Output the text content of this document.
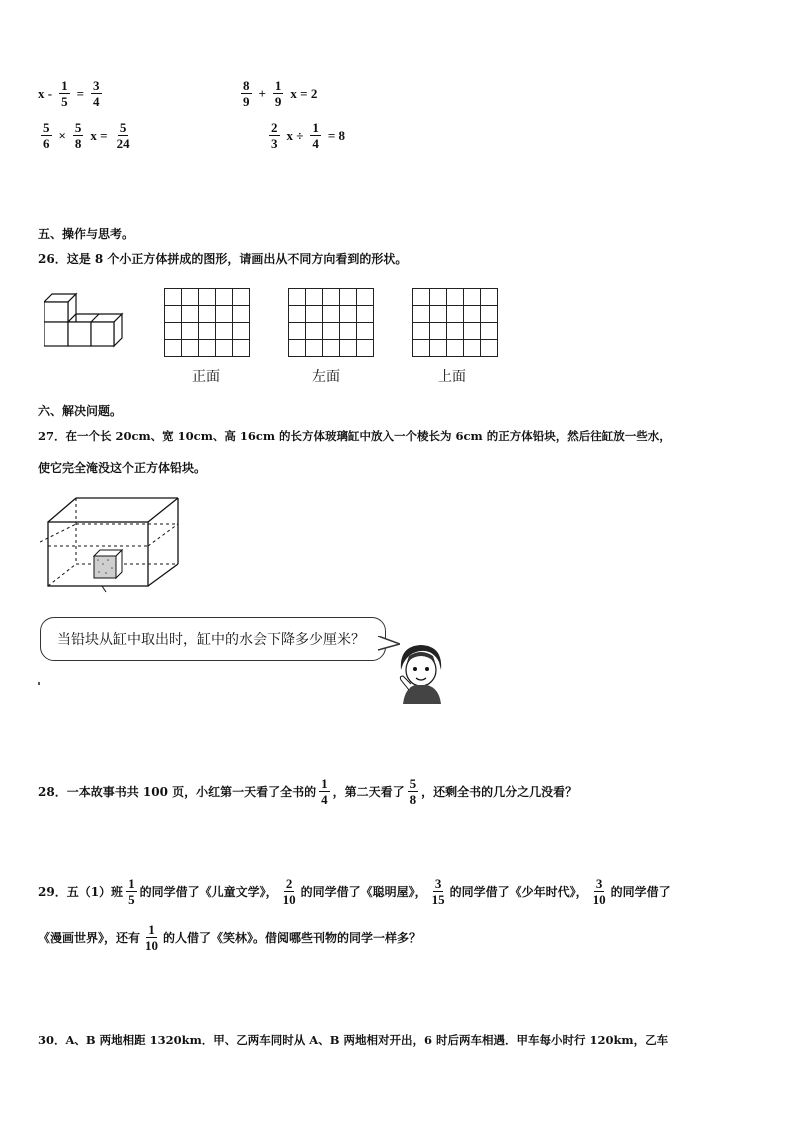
$x - \frac{1}{5} = \frac{3}{4}$	$\frac{8}{9} + \frac{1}{9}$ x = 2
$\frac{5}{6} \times \frac{5}{8}$ $x = \frac{5}{24}$	$\frac{2}{3}$ $x \div \frac{1}{4} = 8$
五、操作与思考。
26．这是 8 个小正方体拼成的图形，请画出从不同方向看到的形状。

正面	左面	上面
六、解决问题。
27．在一个长 20cm、宽 10cm、高 16cm 的长方体玻璃缸中放入一个棱长为 6cm 的正方体铅块，然后往缸放一些水，
使它完全淹没这个正方体铅块。
当铅块从缸中取出时，缸中的水会下降多少厘米？
28．一本故事书共 100 页，小红第一天看了全书的 $\frac{1}{4}$ ，第二天看了 $\frac{5}{8}$ ，还剩全书的几分之几没看？
29．五（1）班 $\frac{1}{5}$ 的同学借了《儿童文学》， $\frac{2}{10}$ 的同学借了《聪明屋》， $\frac{3}{15}$ 的同学借了《少年时代》， $\frac{3}{10}$ 的同学借了
《漫画世界》，还有 $\frac{1}{10}$ 的人借了《笑林》。借阅哪些刊物的同学一样多？
30．A、B 两地相距 1320km．甲、乙两车同时从 A、B 两地相对开出，6 时后两车相遇．甲车每小时行 120km，乙车
